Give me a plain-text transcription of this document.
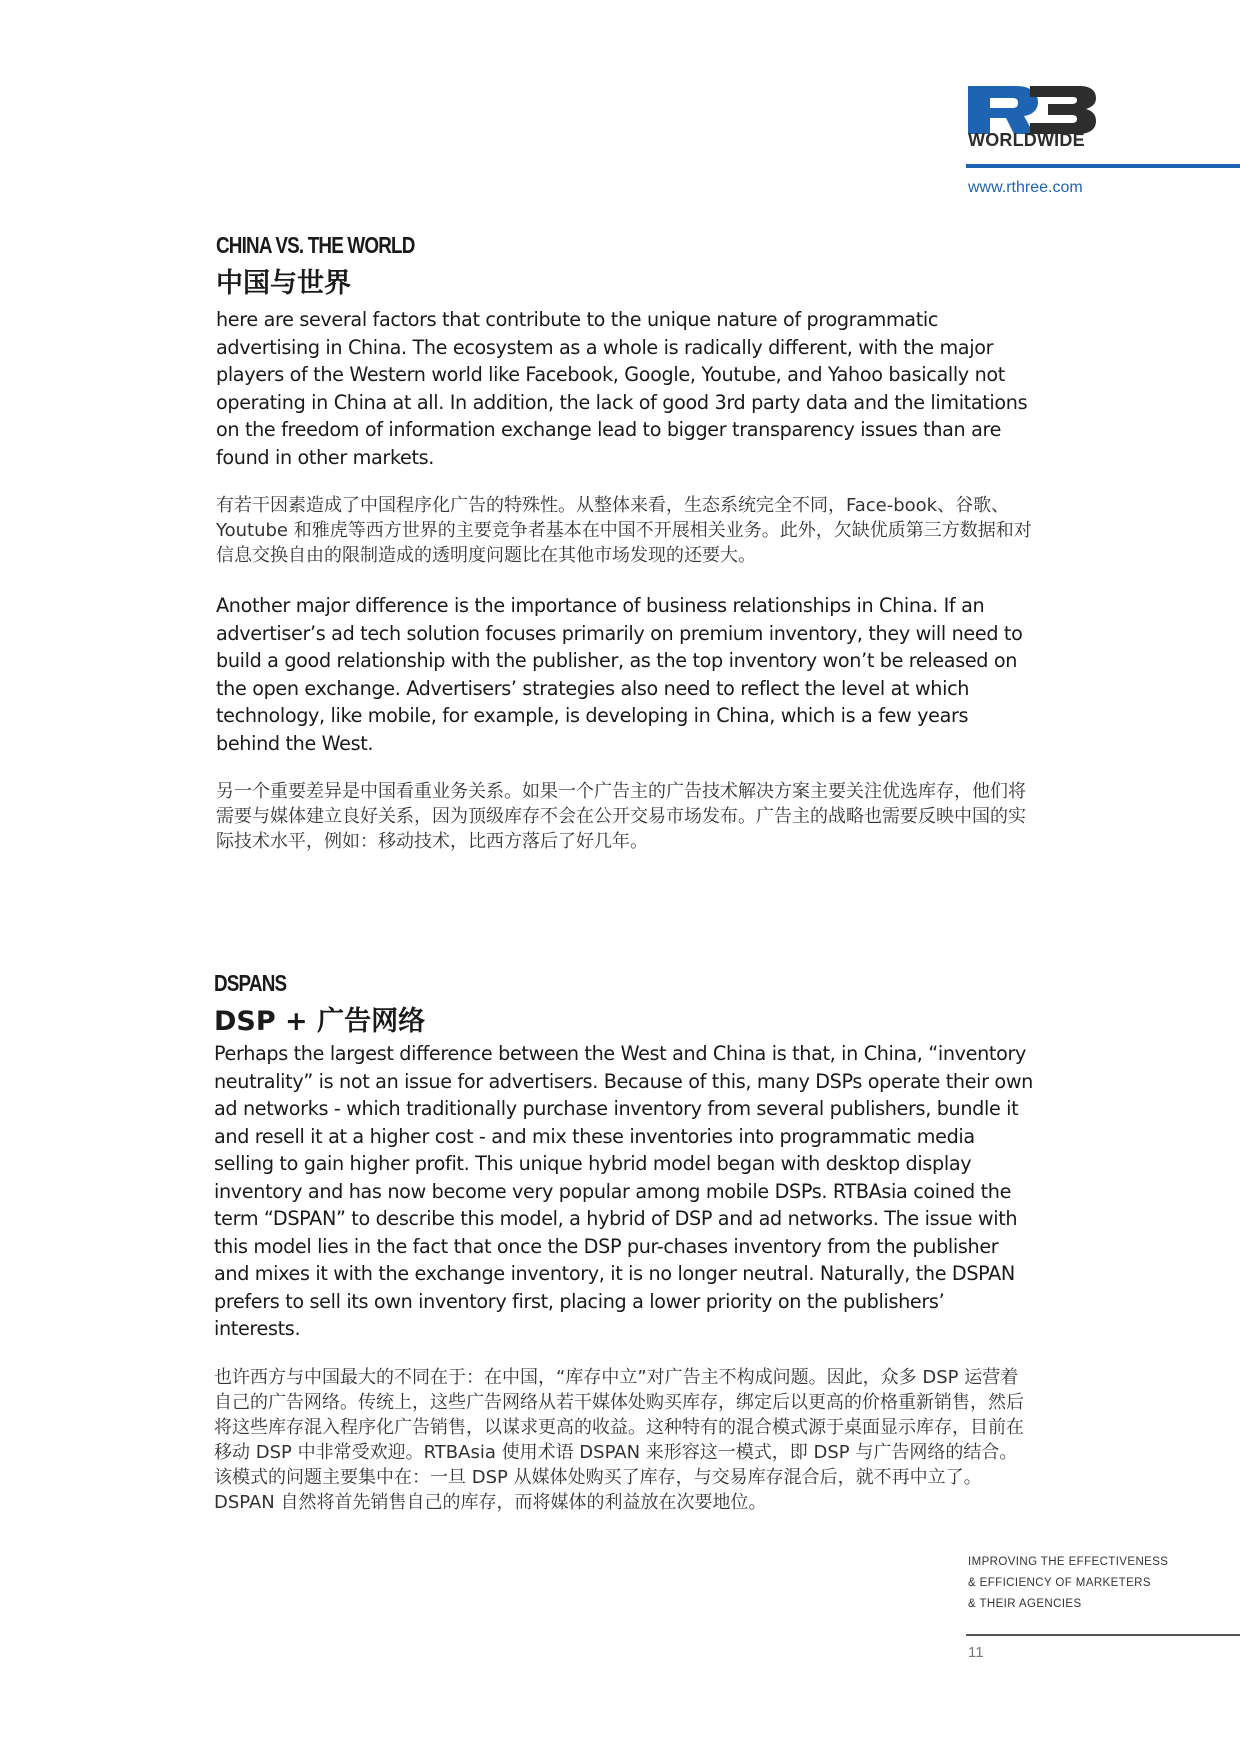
WORLDWIDE
www.rthree.com
CHINA VS. THE WORLD
中国与世界

here are several factors that contribute to the unique nature of programmatic advertising in China. The ecosystem as a whole is radically different, with the major players of the Western world like Facebook, Google, Youtube, and Yahoo basically not operating in China at all. In addition, the lack of good 3rd party data and the limitations on the freedom of information exchange lead to bigger transparency issues than are found in other markets.

有若干因素造成了中国程序化广告的特殊性。从整体来看，生态系统完全不同，Face-book、谷歌、Youtube 和雅虎等西方世界的主要竞争者基本在中国不开展相关业务。此外，欠缺优质第三方数据和对信息交换自由的限制造成的透明度问题比在其他市场发现的还要大。

Another major difference is the importance of business relationships in China. If an advertiser’s ad tech solution focuses primarily on premium inventory, they will need to build a good relationship with the publisher, as the top inventory won’t be released on the open exchange. Advertisers’ strategies also need to reflect the level at which technology, like mobile, for example, is developing in China, which is a few years behind the West.

另一个重要差异是中国看重业务关系。如果一个广告主的广告技术解决方案主要关注优选库存，他们将需要与媒体建立良好关系，因为顶级库存不会在公开交易市场发布。广告主的战略也需要反映中国的实际技术水平，例如：移动技术，比西方落后了好几年。

DSPANS
DSP + 广告网络

Perhaps the largest difference between the West and China is that, in China, “inventory neutrality” is not an issue for advertisers. Because of this, many DSPs operate their own ad networks - which traditionally purchase inventory from several publishers, bundle it and resell it at a higher cost - and mix these inventories into programmatic media selling to gain higher profit. This unique hybrid model began with desktop display inventory and has now become very popular among mobile DSPs. RTBAsia coined the term “DSPAN” to describe this model, a hybrid of DSP and ad networks. The issue with this model lies in the fact that once the DSP pur-chases inventory from the publisher and mixes it with the exchange inventory, it is no longer neutral. Naturally, the DSPAN prefers to sell its own inventory first, placing a lower priority on the publishers’ interests.

也许西方与中国最大的不同在于：在中国，“库存中立”对广告主不构成问题。因此，众多 DSP 运营着自己的广告网络。传统上，这些广告网络从若干媒体处购买库存，绑定后以更高的价格重新销售，然后将这些库存混入程序化广告销售，以谋求更高的收益。这种特有的混合模式源于桌面显示库存，目前在移动 DSP 中非常受欢迎。RTBAsia 使用术语 DSPAN 来形容这一模式，即 DSP 与广告网络的结合。该模式的问题主要集中在：一旦 DSP 从媒体处购买了库存，与交易库存混合后，就不再中立了。DSPAN 自然将首先销售自己的库存，而将媒体的利益放在次要地位。

IMPROVING THE EFFECTIVENESS
& EFFICIENCY OF MARKETERS
& THEIR AGENCIES
11
